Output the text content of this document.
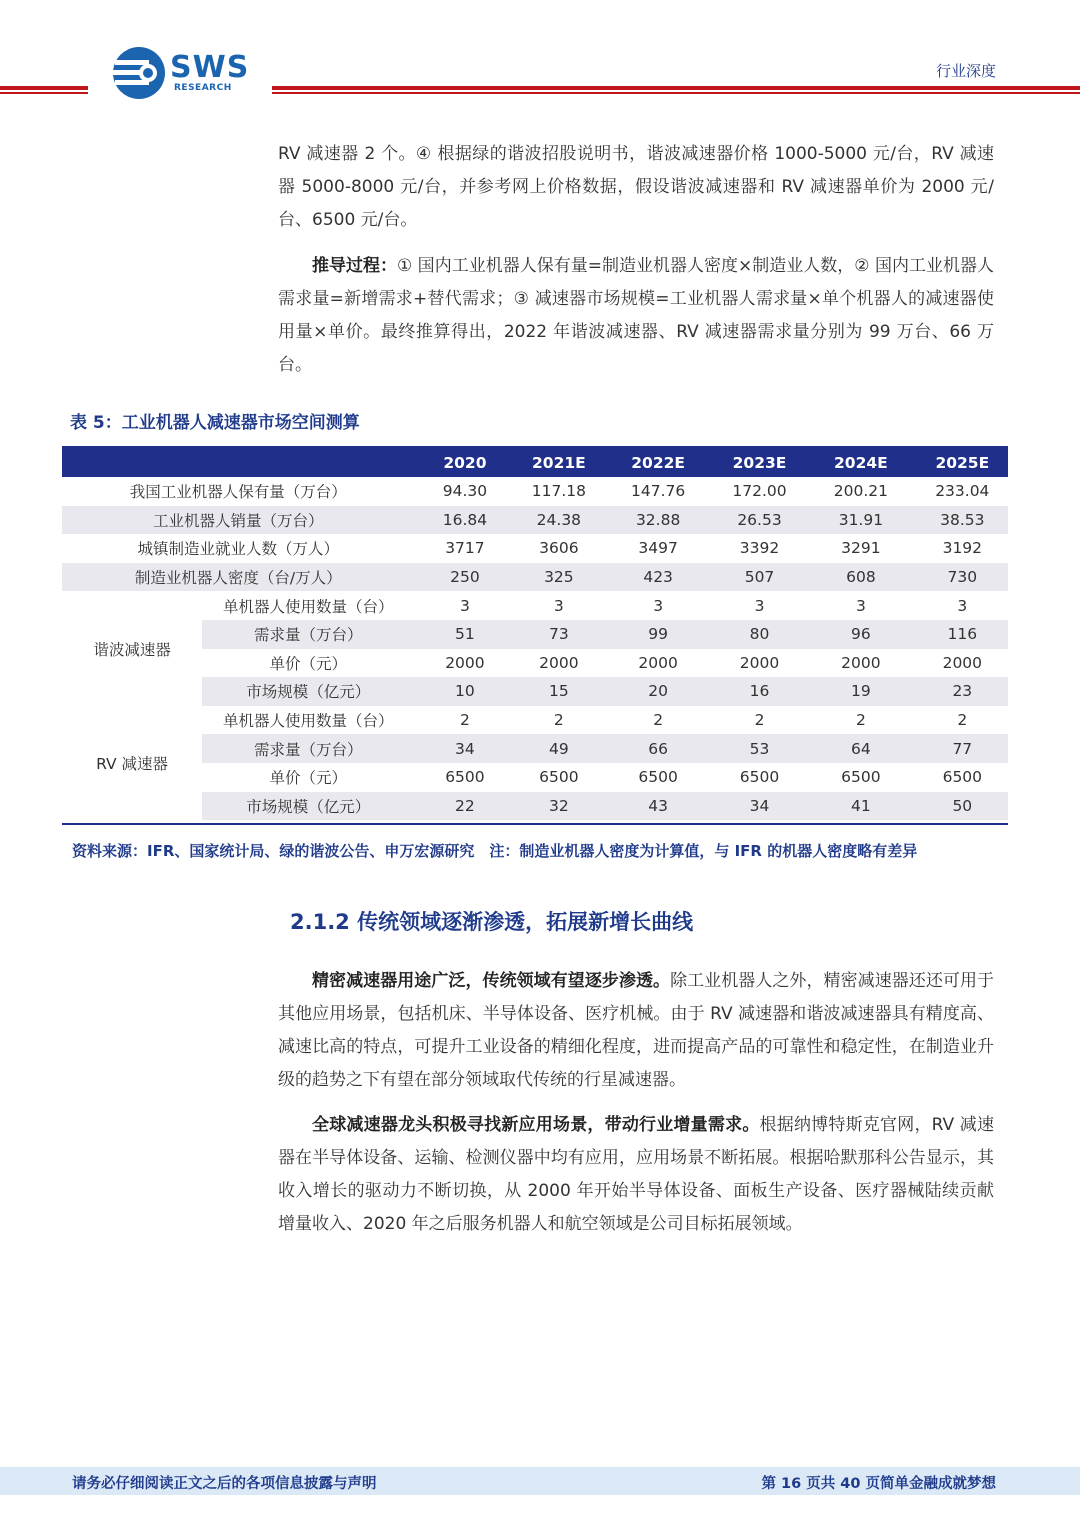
SWS
RESEARCH
行业深度

RV 减速器 2 个。④ 根据绿的谐波招股说明书，谐波减速器价格 1000-5000 元/台，RV 减速器 5000-8000 元/台，并参考网上价格数据，假设谐波减速器和 RV 减速器单价为 2000 元/台、6500 元/台。

推导过程：① 国内工业机器人保有量=制造业机器人密度×制造业人数，② 国内工业机器人需求量=新增需求+替代需求；③ 减速器市场规模=工业机器人需求量×单个机器人的减速器使用量×单价。最终推算得出，2022 年谐波减速器、RV 减速器需求量分别为 99 万台、66 万台。

表 5：工业机器人减速器市场空间测算
		2020	2021E	2022E	2023E	2024E	2025E
我国工业机器人保有量（万台）		94.30	117.18	147.76	172.00	200.21	233.04
工业机器人销量（万台）		16.84	24.38	32.88	26.53	31.91	38.53
城镇制造业就业人数（万人）		3717	3606	3497	3392	3291	3192
制造业机器人密度（台/万人）		250	325	423	507	608	730
谐波减速器	单机器人使用数量（台）	3	3	3	3	3	3
	需求量（万台）	51	73	99	80	96	116
	单价（元）	2000	2000	2000	2000	2000	2000
	市场规模（亿元）	10	15	20	16	19	23
RV 减速器	单机器人使用数量（台）	2	2	2	2	2	2
	需求量（万台）	34	49	66	53	64	77
	单价（元）	6500	6500	6500	6500	6500	6500
	市场规模（亿元）	22	32	43	34	41	50
资料来源：IFR、国家统计局、绿的谐波公告、申万宏源研究　注：制造业机器人密度为计算值，与 IFR 的机器人密度略有差异
2.1.2 传统领域逐渐渗透，拓展新增长曲线

精密减速器用途广泛，传统领域有望逐步渗透。除工业机器人之外，精密减速器还还可用于其他应用场景，包括机床、半导体设备、医疗机械。由于 RV 减速器和谐波减速器具有精度高、减速比高的特点，可提升工业设备的精细化程度，进而提高产品的可靠性和稳定性，在制造业升级的趋势之下有望在部分领域取代传统的行星减速器。

全球减速器龙头积极寻找新应用场景，带动行业增量需求。根据纳博特斯克官网，RV 减速器在半导体设备、运输、检测仪器中均有应用，应用场景不断拓展。根据哈默那科公告显示，其收入增长的驱动力不断切换，从 2000 年开始半导体设备、面板生产设备、医疗器械陆续贡献增量收入、2020 年之后服务机器人和航空领域是公司目标拓展领域。

请务必仔细阅读正文之后的各项信息披露与声明	第 16 页共 40 页简单金融成就梦想
